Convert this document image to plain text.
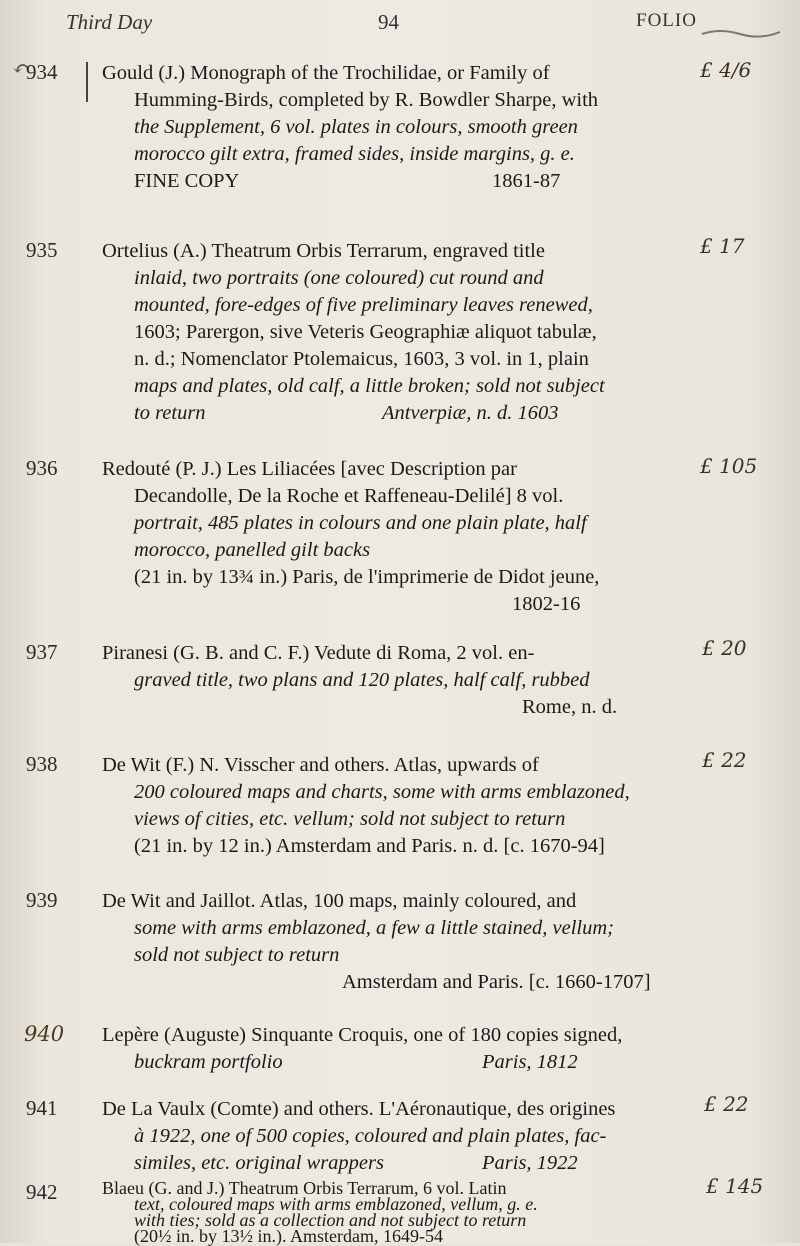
Third Day	94	FOLIO
↶
934 Gould (J.) Monograph of the Trochilidae, or Family of
Humming-Birds, completed by R. Bowdler Sharpe, with
the Supplement, 6 vol. plates in colours, smooth green
morocco gilt extra, framed sides, inside margins, g. e.
FINE COPY	1861-87
£ 4/6
935 Ortelius (A.) Theatrum Orbis Terrarum, engraved title
inlaid, two portraits (one coloured) cut round and
mounted, fore-edges of five preliminary leaves renewed,
1603; Parergon, sive Veteris Geographiæ aliquot tabulæ,
n. d.; Nomenclator Ptolemaicus, 1603, 3 vol. in 1, plain
maps and plates, old calf, a little broken; sold not subject
to return	Antverpiæ, n. d. 1603
£ 17
936 Redouté (P. J.) Les Liliacées [avec Description par
Decandolle, De la Roche et Raffeneau-Delilé] 8 vol.
portrait, 485 plates in colours and one plain plate, half
morocco, panelled gilt backs
(21 in. by 13¾ in.) Paris, de l'imprimerie de Didot jeune,
1802-16
£ 105
937 Piranesi (G. B. and C. F.) Vedute di Roma, 2 vol. en-
graved title, two plans and 120 plates, half calf, rubbed
Rome, n. d.
£ 20
938 De Wit (F.) N. Visscher and others. Atlas, upwards of
200 coloured maps and charts, some with arms emblazoned,
views of cities, etc. vellum; sold not subject to return
(21 in. by 12 in.) Amsterdam and Paris. n. d. [c. 1670-94]
£ 22
939 De Wit and Jaillot. Atlas, 100 maps, mainly coloured, and
some with arms emblazoned, a few a little stained, vellum;
sold not subject to return
Amsterdam and Paris. [c. 1660-1707]
940 Lepère (Auguste) Sinquante Croquis, one of 180 copies signed,
buckram portfolio	Paris, 1812
941 De La Vaulx (Comte) and others. L'Aéronautique, des origines
à 1922, one of 500 copies, coloured and plain plates, fac-
similes, etc. original wrappers	Paris, 1922
£ 22
942 Blaeu (G. and J.) Theatrum Orbis Terrarum, 6 vol. Latin
text, coloured maps with arms emblazoned, vellum, g. e.
with ties; sold as a collection and not subject to return
(20½ in. by 13½ in.). Amsterdam, 1649-54
£ 145
